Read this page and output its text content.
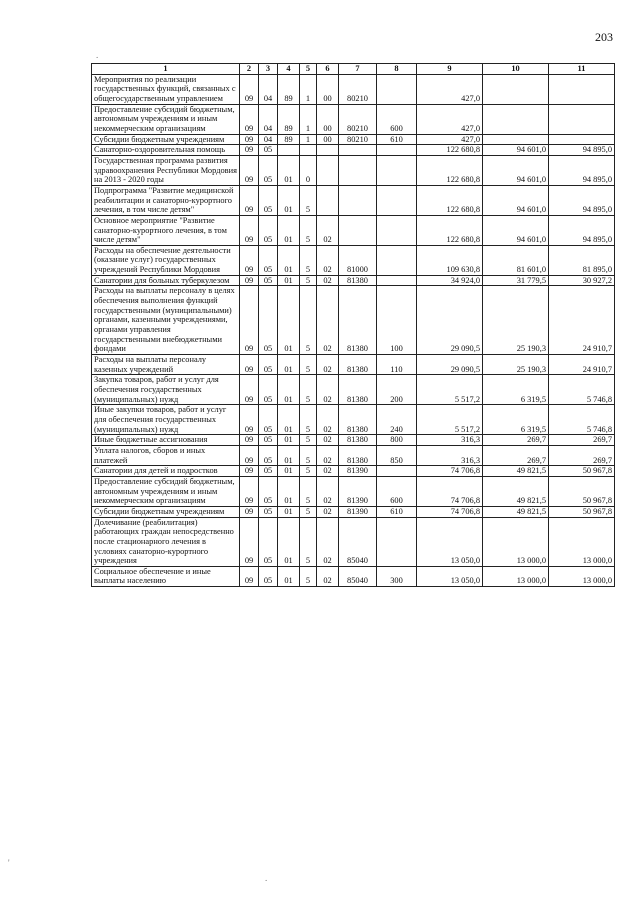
203
.
.
'
1	2	3	4	5	6	7	8	9	10	11
Мероприятия по реализации государственных функций, связанных с общегосударственным управлением	09	04	89	1	00	80210		427,0		
Предоставление субсидий бюджетным, автономным учреждениям и иным некоммерческим организациям	09	04	89	1	00	80210	600	427,0		
Субсидии бюджетным учреждениям	09	04	89	1	00	80210	610	427,0		
Санаторно-оздоровительная помощь	09	05						122 680,8	94 601,0	94 895,0
Государственная программа развития здравоохранения Республики Мордовия на 2013 - 2020 годы	09	05	01	0				122 680,8	94 601,0	94 895,0
Подпрограмма "Развитие медицинской реабилитации и санаторно-курортного лечения, в том числе детям"	09	05	01	5				122 680,8	94 601,0	94 895,0
Основное мероприятие "Развитие санаторно-курортного лечения, в том числе детям"	09	05	01	5	02			122 680,8	94 601,0	94 895,0
Расходы на обеспечение деятельности (оказание услуг) государственных учреждений Республики Мордовия	09	05	01	5	02	81000		109 630,8	81 601,0	81 895,0
Санатории для больных туберкулезом	09	05	01	5	02	81380		34 924,0	31 779,5	30 927,2
Расходы на выплаты персоналу в целях обеспечения выполнения функций государственными (муниципальными) органами, казенными учреждениями, органами управления государственными внебюджетными фондами	09	05	01	5	02	81380	100	29 090,5	25 190,3	24 910,7
Расходы на выплаты персоналу казенных учреждений	09	05	01	5	02	81380	110	29 090,5	25 190,3	24 910,7
Закупка товаров, работ и услуг для обеспечения государственных (муниципальных) нужд	09	05	01	5	02	81380	200	5 517,2	6 319,5	5 746,8
Иные закупки товаров, работ и услуг для обеспечения государственных (муниципальных) нужд	09	05	01	5	02	81380	240	5 517,2	6 319,5	5 746,8
Иные бюджетные ассигнования	09	05	01	5	02	81380	800	316,3	269,7	269,7
Уплата налогов, сборов и иных платежей	09	05	01	5	02	81380	850	316,3	269,7	269,7
Санатории для детей и подростков	09	05	01	5	02	81390		74 706,8	49 821,5	50 967,8
Предоставление субсидий бюджетным, автономным учреждениям и иным некоммерческим организациям	09	05	01	5	02	81390	600	74 706,8	49 821,5	50 967,8
Субсидии бюджетным учреждениям	09	05	01	5	02	81390	610	74 706,8	49 821,5	50 967,8
Долечивание (реабилитация) работающих граждан непосредственно после стационарного лечения в условиях санаторно-курортного учреждения	09	05	01	5	02	85040		13 050,0	13 000,0	13 000,0
Социальное обеспечение и иные выплаты населению	09	05	01	5	02	85040	300	13 050,0	13 000,0	13 000,0
